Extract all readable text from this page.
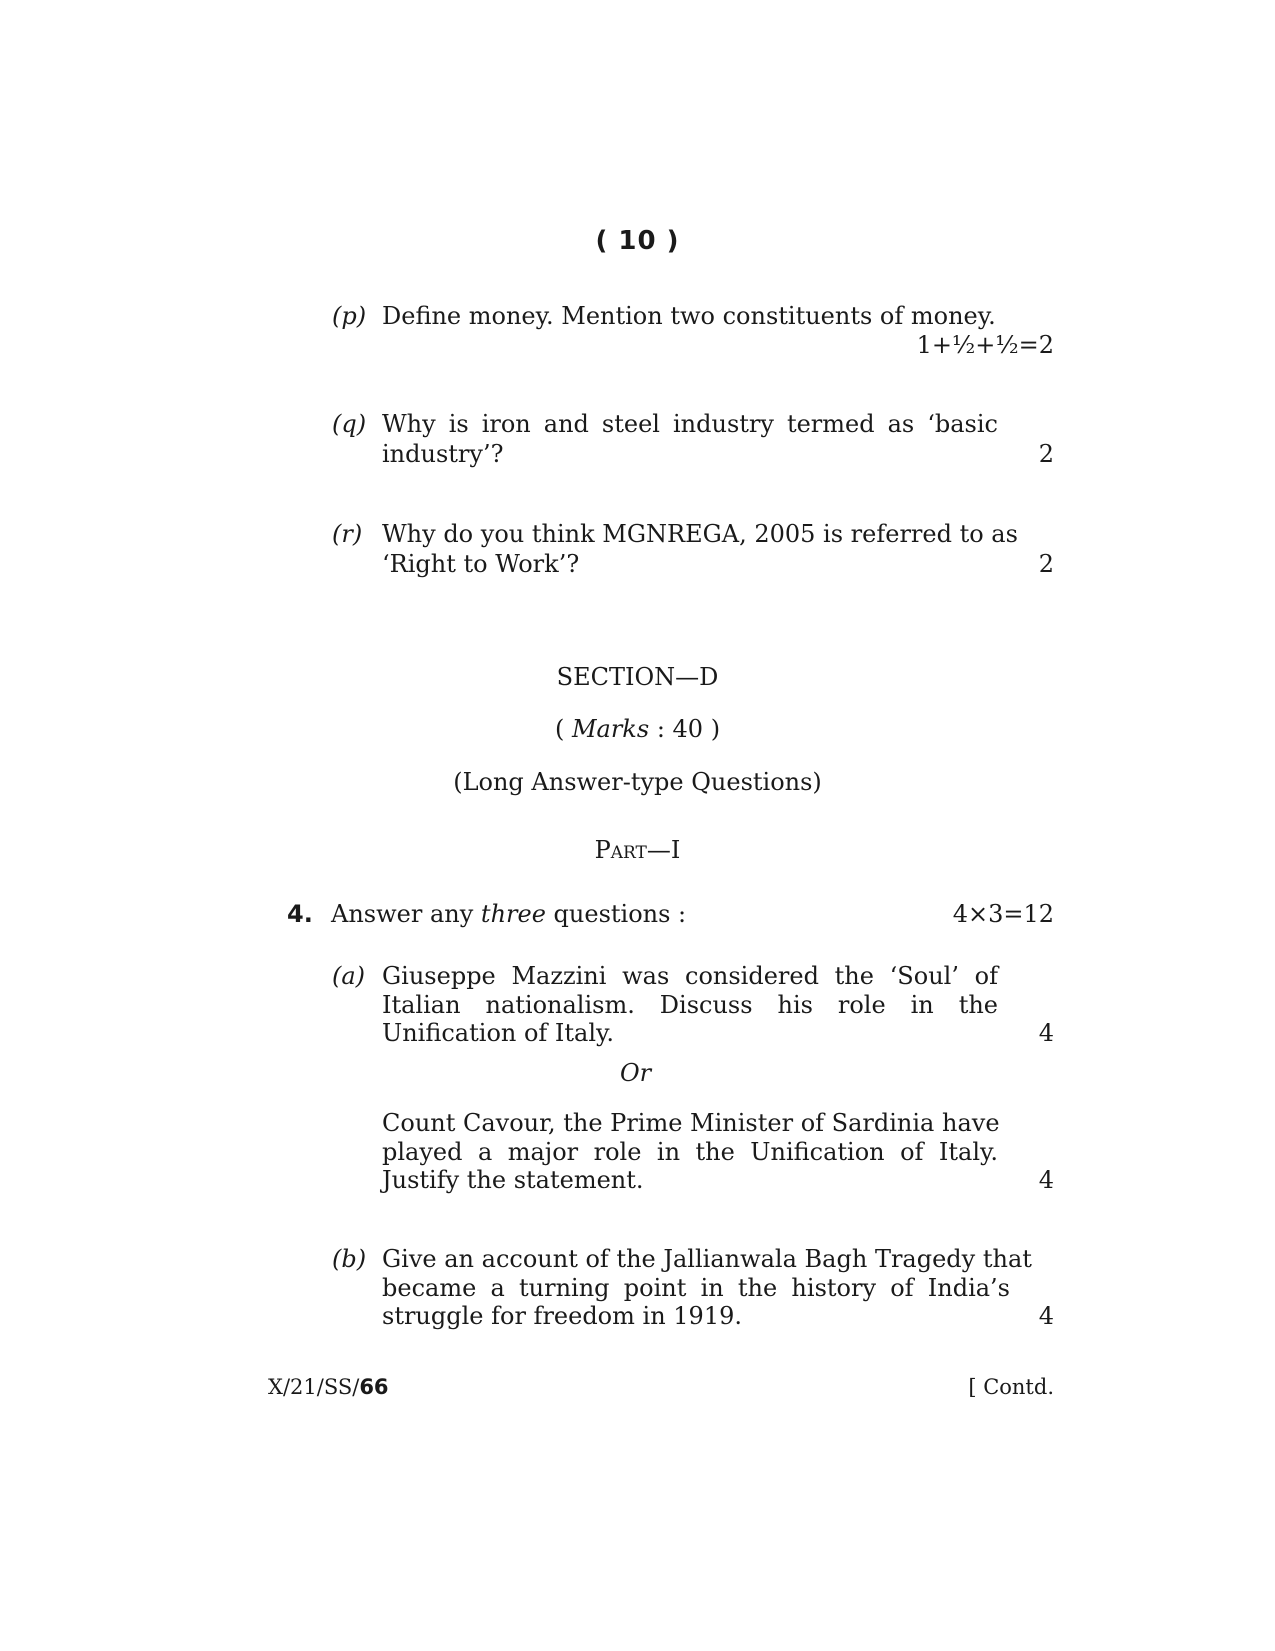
( 10 )
(p) Define money. Mention two constituents of money.
1+½+½=2
(q) Why is iron and steel industry termed as ‘basic
industry’?	2
(r) Why do you think MGNREGA, 2005 is referred to as
‘Right to Work’?	2
SECTION—D
( Marks : 40 )
(Long Answer-type Questions)
Part—I
4. Answer any three questions :	4×3=12
(a) Giuseppe Mazzini was considered the ‘Soul’ of
Italian nationalism. Discuss his role in the
Unification of Italy.	4
Or
Count Cavour, the Prime Minister of Sardinia have
played a major role in the Unification of Italy.
Justify the statement.	4
(b) Give an account of the Jallianwala Bagh Tragedy that
became a turning point in the history of India’s
struggle for freedom in 1919.	4
X/21/SS/66	[ Contd.
